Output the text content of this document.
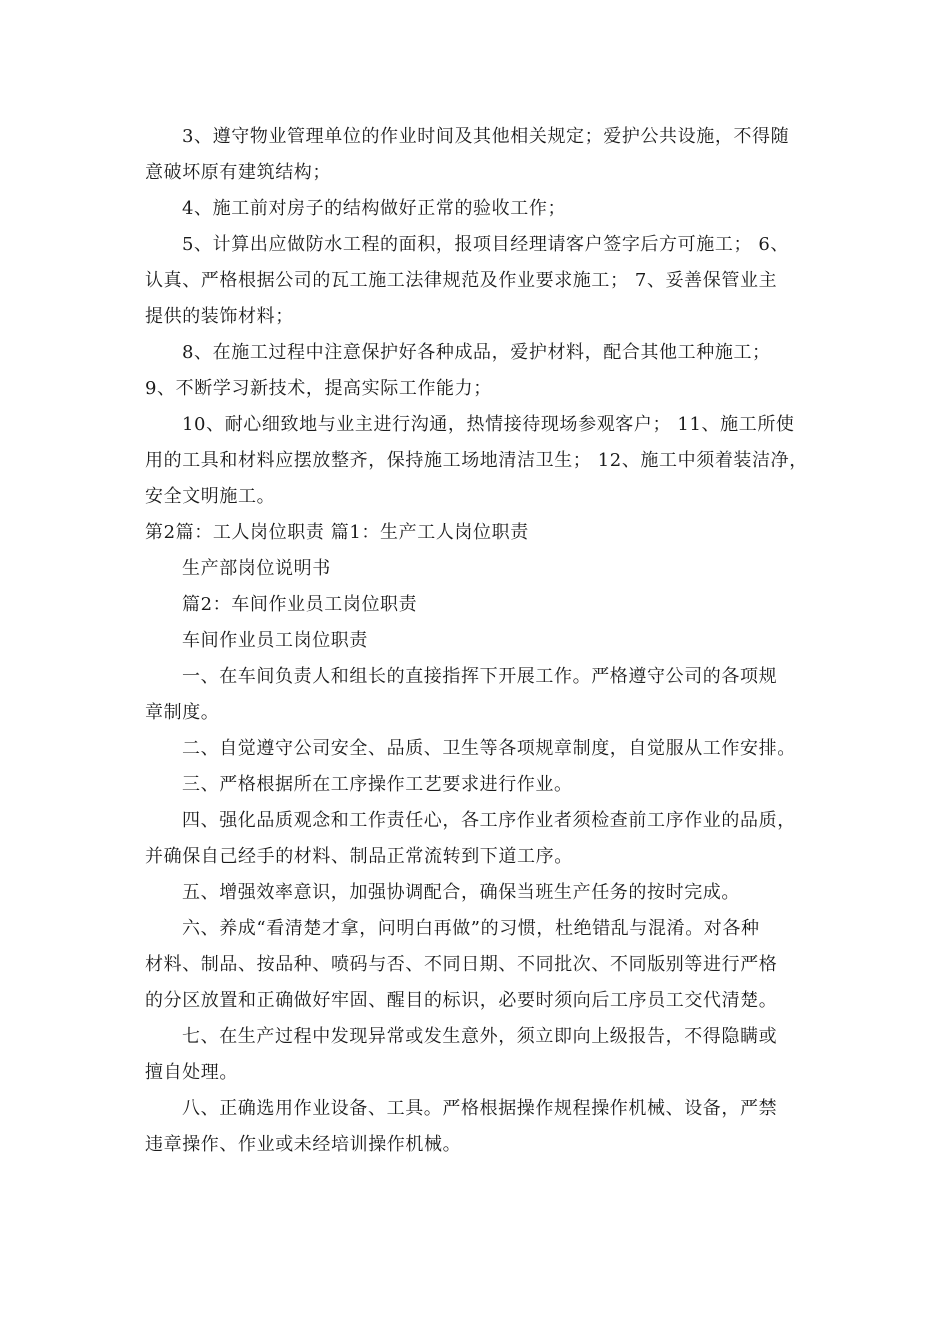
3、遵守物业管理单位的作业时间及其他相关规定；爱护公共设施，不得随
意破坏原有建筑结构；
4、施工前对房子的结构做好正常的验收工作；
5、计算出应做防水工程的面积，报项目经理请客户签字后方可施工； 6、
认真、严格根据公司的瓦工施工法律规范及作业要求施工； 7、妥善保管业主
提供的装饰材料；
8、在施工过程中注意保护好各种成品，爱护材料，配合其他工种施工；
9、不断学习新技术，提高实际工作能力；
10、耐心细致地与业主进行沟通，热情接待现场参观客户； 11、施工所使
用的工具和材料应摆放整齐，保持施工场地清洁卫生； 12、施工中须着装洁净，
安全文明施工。
第2篇：工人岗位职责 篇1：生产工人岗位职责
生产部岗位说明书
篇2：车间作业员工岗位职责
车间作业员工岗位职责
一、在车间负责人和组长的直接指挥下开展工作。严格遵守公司的各项规
章制度。
二、自觉遵守公司安全、品质、卫生等各项规章制度，自觉服从工作安排。
三、严格根据所在工序操作工艺要求进行作业。
四、强化品质观念和工作责任心，各工序作业者须检查前工序作业的品质，
并确保自己经手的材料、制品正常流转到下道工序。
五、增强效率意识，加强协调配合，确保当班生产任务的按时完成。
六、养成“看清楚才拿，问明白再做”的习惯，杜绝错乱与混淆。对各种
材料、制品、按品种、喷码与否、不同日期、不同批次、不同版别等进行严格
的分区放置和正确做好牢固、醒目的标识，必要时须向后工序员工交代清楚。
七、在生产过程中发现异常或发生意外，须立即向上级报告，不得隐瞒或
擅自处理。
八、正确选用作业设备、工具。严格根据操作规程操作机械、设备，严禁
违章操作、作业或未经培训操作机械。
